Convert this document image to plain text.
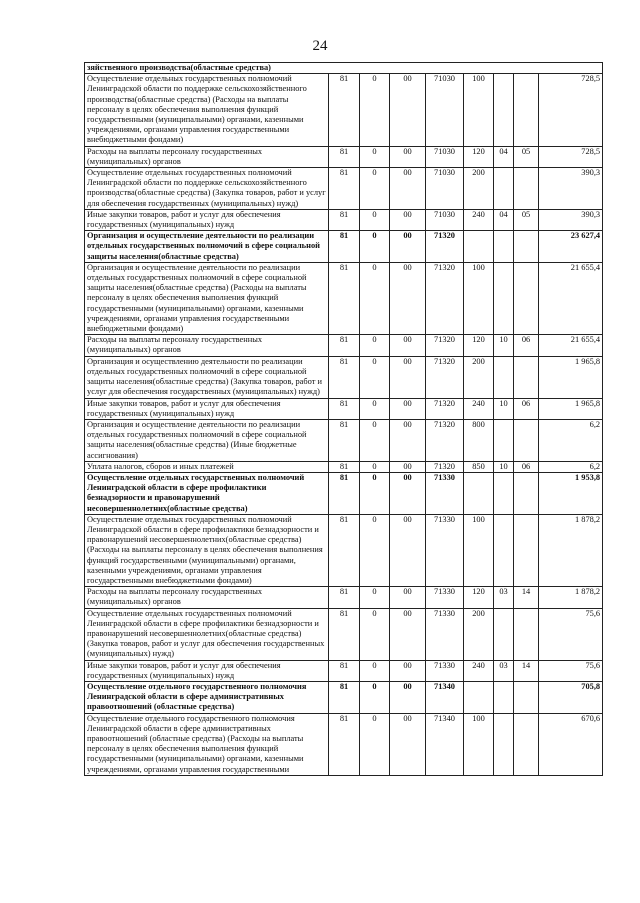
24
зяйственного производства(областные средства)								
Осуществление отдельных государственных полномочий Ленинградской области по поддержке сельскохозяйственного производства(областные средства) (Расходы на выплаты персоналу в целях обеспечения выполнения функций государственными (муниципальными) органами, казенными учреждениями, органами управления государственными внебюджетными фондами)	81	0	00	71030	100			728,5
Расходы на выплаты персоналу государственных (муниципальных) органов	81	0	00	71030	120	04	05	728,5
Осуществление отдельных государственных полномочий Ленинградской области по поддержке сельскохозяйственного производства(областные средства) (Закупка товаров, работ и услуг для обеспечения государственных (муниципальных) нужд)	81	0	00	71030	200			390,3
Иные закупки товаров, работ и услуг для обеспечения государственных (муниципальных) нужд	81	0	00	71030	240	04	05	390,3
Организация и осуществление деятельности по реализации отдельных государственных полномочий в сфере социальной защиты населения(областные средства)	81	0	00	71320				23 627,4
Организация и осуществление деятельности по реализации отдельных государственных полномочий в сфере социальной защиты населения(областные средства) (Расходы на выплаты персоналу в целях обеспечения выполнения функций государственными (муниципальными) органами, казенными учреждениями, органами управления государственными внебюджетными фондами)	81	0	00	71320	100			21 655,4
Расходы на выплаты персоналу государственных (муниципальных) органов	81	0	00	71320	120	10	06	21 655,4
Организация и осуществлению деятельности по реализации отдельных государственных полномочий в сфере социальной защиты населения(областные средства) (Закупка товаров, работ и услуг для обеспечения государственных (муниципальных) нужд)	81	0	00	71320	200			1 965,8
Иные закупки товаров, работ и услуг для обеспечения государственных (муниципальных) нужд	81	0	00	71320	240	10	06	1 965,8
Организация и осуществление деятельности по реализации отдельных государственных полномочий в сфере социальной защиты населения(областные средства) (Иные бюджетные ассигнования)	81	0	00	71320	800			6,2
Уплата налогов, сборов и иных платежей	81	0	00	71320	850	10	06	6,2
Осуществление отдельных государственных полномочий Ленинградской области в сфере профилактики безнадзорности и правонарушений несовершеннолетних(областные средства)	81	0	00	71330				1 953,8
Осуществление отдельных государственных полномочий Ленинградской области в сфере профилактики безнадзорности и правонарушений несовершеннолетних(областные средства) (Расходы на выплаты персоналу в целях обеспечения выполнения функций государственными (муниципальными) органами, казенными учреждениями, органами управления государственными внебюджетными фондами)	81	0	00	71330	100			1 878,2
Расходы на выплаты персоналу государственных (муниципальных) органов	81	0	00	71330	120	03	14	1 878,2
Осуществление отдельных государственных полномочий Ленинградской области в сфере профилактики безнадзорности и правонарушений несовершеннолетних(областные средства) (Закупка товаров, работ и услуг для обеспечения государственных (муниципальных) нужд)	81	0	00	71330	200			75,6
Иные закупки товаров, работ и услуг для обеспечения государственных (муниципальных) нужд	81	0	00	71330	240	03	14	75,6
Осуществление отдельного государственного полномочия Ленинградской области в сфере административных правоотношений (областные средства)	81	0	00	71340				705,8
Осуществление отдельного государственного полномочия Ленинградской области в сфере административных правоотношений (областные средства) (Расходы на выплаты персоналу в целях обеспечения выполнения функций государственными (муниципальными) органами, казенными учреждениями, органами управления государственными	81	0	00	71340	100			670,6
